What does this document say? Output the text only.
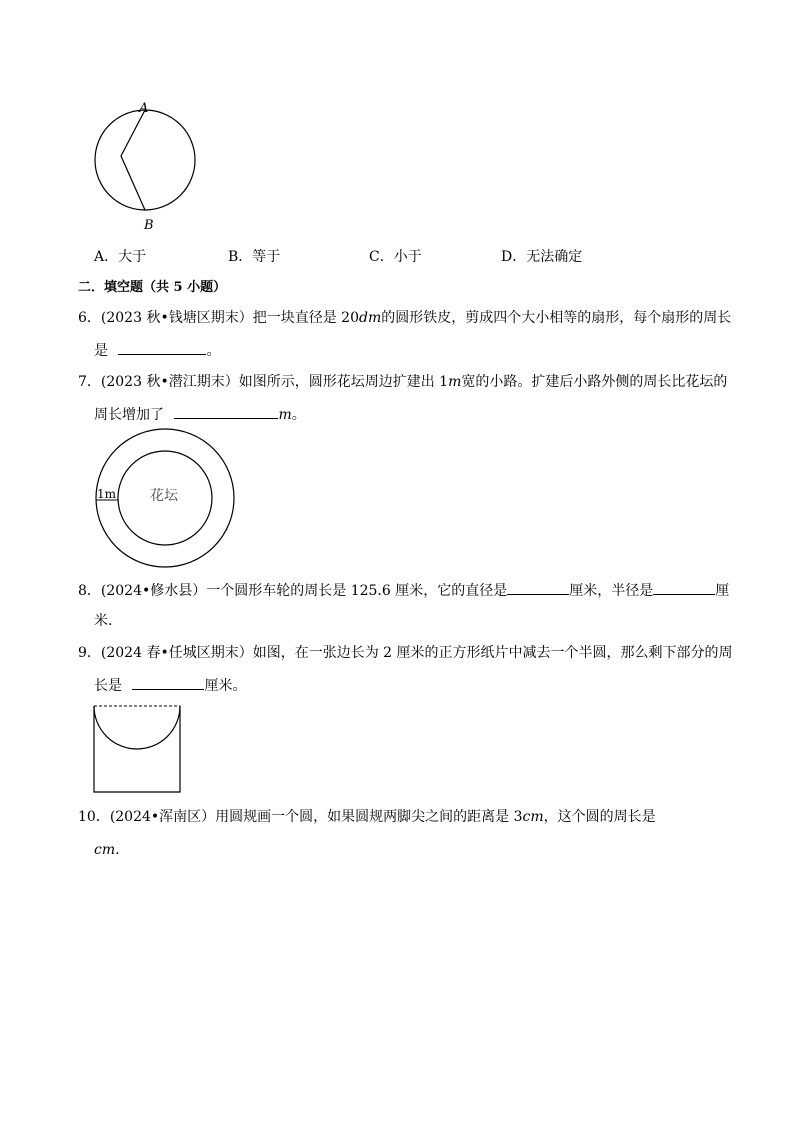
A
B
A．大于	B．等于	C．小于	D．无法确定
二．填空题（共 5 小题）
6．(2023 秋•钱塘区期末）把一块直径是 20dm的圆形铁皮，剪成四个大小相等的扇形，每个扇形的周长
是	。
7．(2023 秋•潜江期末）如图所示，圆形花坛周边扩建出 1m宽的小路。扩建后小路外侧的周长比花坛的
周长增加了	m。
1m 花坛
8．(2024•修水县）一个圆形车轮的周长是 125.6 厘米，它的直径是	厘米，半径是	厘
米.
9．(2024 春•任城区期末）如图，在一张边长为 2 厘米的正方形纸片中减去一个半圆，那么剩下部分的周
长是	厘米。
10．(2024•浑南区）用圆规画一个圆，如果圆规两脚尖之间的距离是 3cm，这个圆的周长是
cm.
